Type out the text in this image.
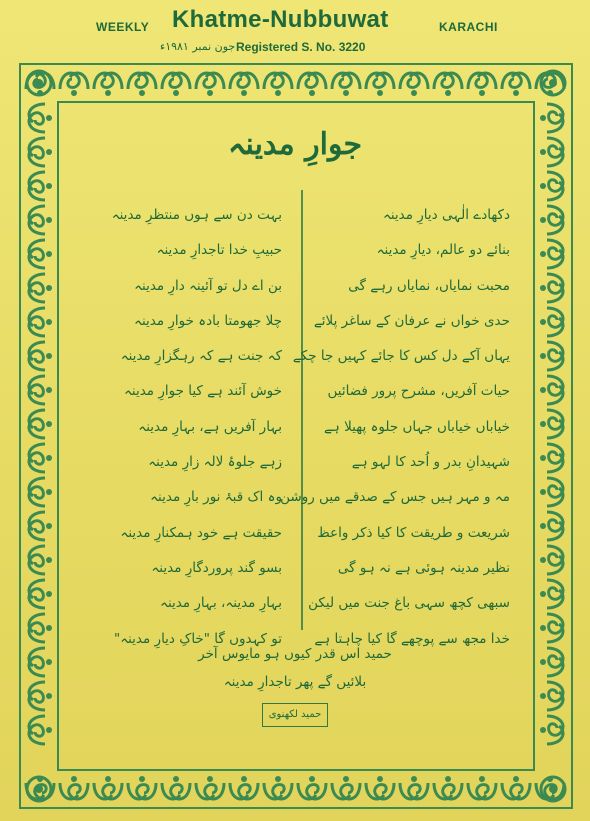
WEEKLY Khatme-Nubbuwat	KARACHI
جون نمبر ۱۹۸۱ء Registered S. No. 3220
جوارِ مدینہ
دکھادے الٰہی دیارِ مدینہ
بنائے دو عالم، دیارِ مدینہ
محبت نمایاں، نمایاں رہے گی
حدی خواں نے عرفان کے ساغر پلائے
یہاں آکے دل کس کا جائے کہیں جا چکے
حیات آفریں، مشرح پرور فضائیں
خیاباں خیاباں جہاں جلوہ پھیلا ہے
شہیدانِ بدر و اُحد کا لہو ہے
مہ و مہر ہیں جس کے صدقے میں روشن
شریعت و طریقت کا کیا ذکر واعظ
نظیر مدینہ ہوئی ہے نہ ہو گی
سبھی کچھ سہی باغ جنت میں لیکن
خدا مجھ سے پوچھے گا کیا چاہتا ہے
بہت دن سے ہوں منتظرِ مدینہ
حبیبِ خدا تاجدارِ مدینہ
بن اے دل تو آئینہ دارِ مدینہ
چلا جھومتا بادہ خوارِ مدینہ
کہ جنت ہے کہ رہگزارِ مدینہ
خوش آئند ہے کیا جوارِ مدینہ
بہار آفریں ہے، بہارِ مدینہ
زہے جلوۂ لالہ زارِ مدینہ
وہ اک قبۂ نور بارِ مدینہ
حقیقت ہے خود ہمکنارِ مدینہ
بسو گند پروردگارِ مدینہ
بہارِ مدینہ، بہارِ مدینہ
تو کہدوں گا "خاکِ دیارِ مدینہ"
حمید اس قدر کیوں ہو مایوس آخر
بلائیں گے پھر تاجدارِ مدینہ
حمید لکھنوی
